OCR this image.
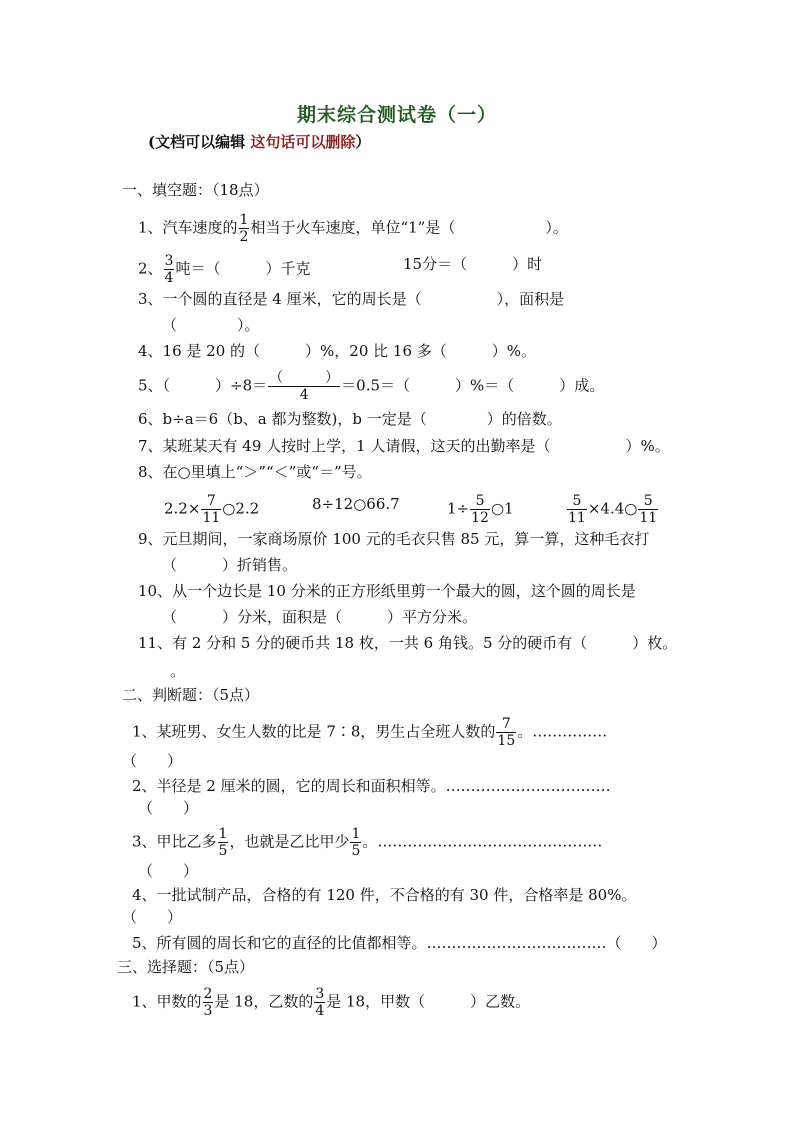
期末综合测试卷（一）
(文档可以编辑 这句话可以删除）
一、填空题：（18点）
1、汽车速度的 $\frac{1}{2}$ 相当于火车速度，单位“1”是（　　　　　　）。
2、 $\frac{3}{4}$ 吨＝（　　　）千克	15分＝（　　　）时
3、一个圆的直径是 4 厘米，它的周长是（　　　　　），面积是
（　　　　）。
4、16 是 20 的（　　　）%，20 比 16 多（　　　）%。
5、（　　　）$\div 8= \frac{( )}{4} =0.5=$（　　　）%＝（　　　）成。
6、b÷a＝6（b、a 都为整数)，b 一定是（　　　　）的倍数。
7、某班某天有 49 人按时上学，1 人请假，这天的出勤率是（　　　　　）%。
8、在○里填上“＞”“＜”或“＝”号。
$2.2\times \frac{7}{11}$ ○2.2	8÷12○66.7	$1\div \frac{5}{12}$ ○1	$\frac{5}{11}$ ×4.4○ $\frac{5}{11}$
9、元旦期间，一家商场原价 100 元的毛衣只售 85 元，算一算，这种毛衣打
（　　　）折销售。
10、从一个边长是 10 分米的正方形纸里剪一个最大的圆，这个圆的周长是
（　　　）分米，面积是（　　　）平方分米。
11、有 2 分和 5 分的硬币共 18 枚，一共 6 角钱。5 分的硬币有（　　　）枚。
。
二、判断题：（5点）
1、某班男、女生人数的比是 7∶8，男生占全班人数的 $\frac{7}{15}$ 。……………
（　　）
2、半径是 2 厘米的圆，它的周长和面积相等。……………………………
（　　）
3、甲比乙多 $\frac{1}{5}$ ，也就是乙比甲少 $\frac{1}{5}$ 。………………………………………
（　　）
4、一批试制产品，合格的有 120 件，不合格的有 30 件，合格率是 80%。
（　　）
5、所有圆的周长和它的直径的比值都相等。………………………………（　　）
三、选择题：（5点）
1、甲数的 $\frac{2}{3}$ 是 18，乙数的 $\frac{3}{4}$ 是 18，甲数（　　　）乙数。
